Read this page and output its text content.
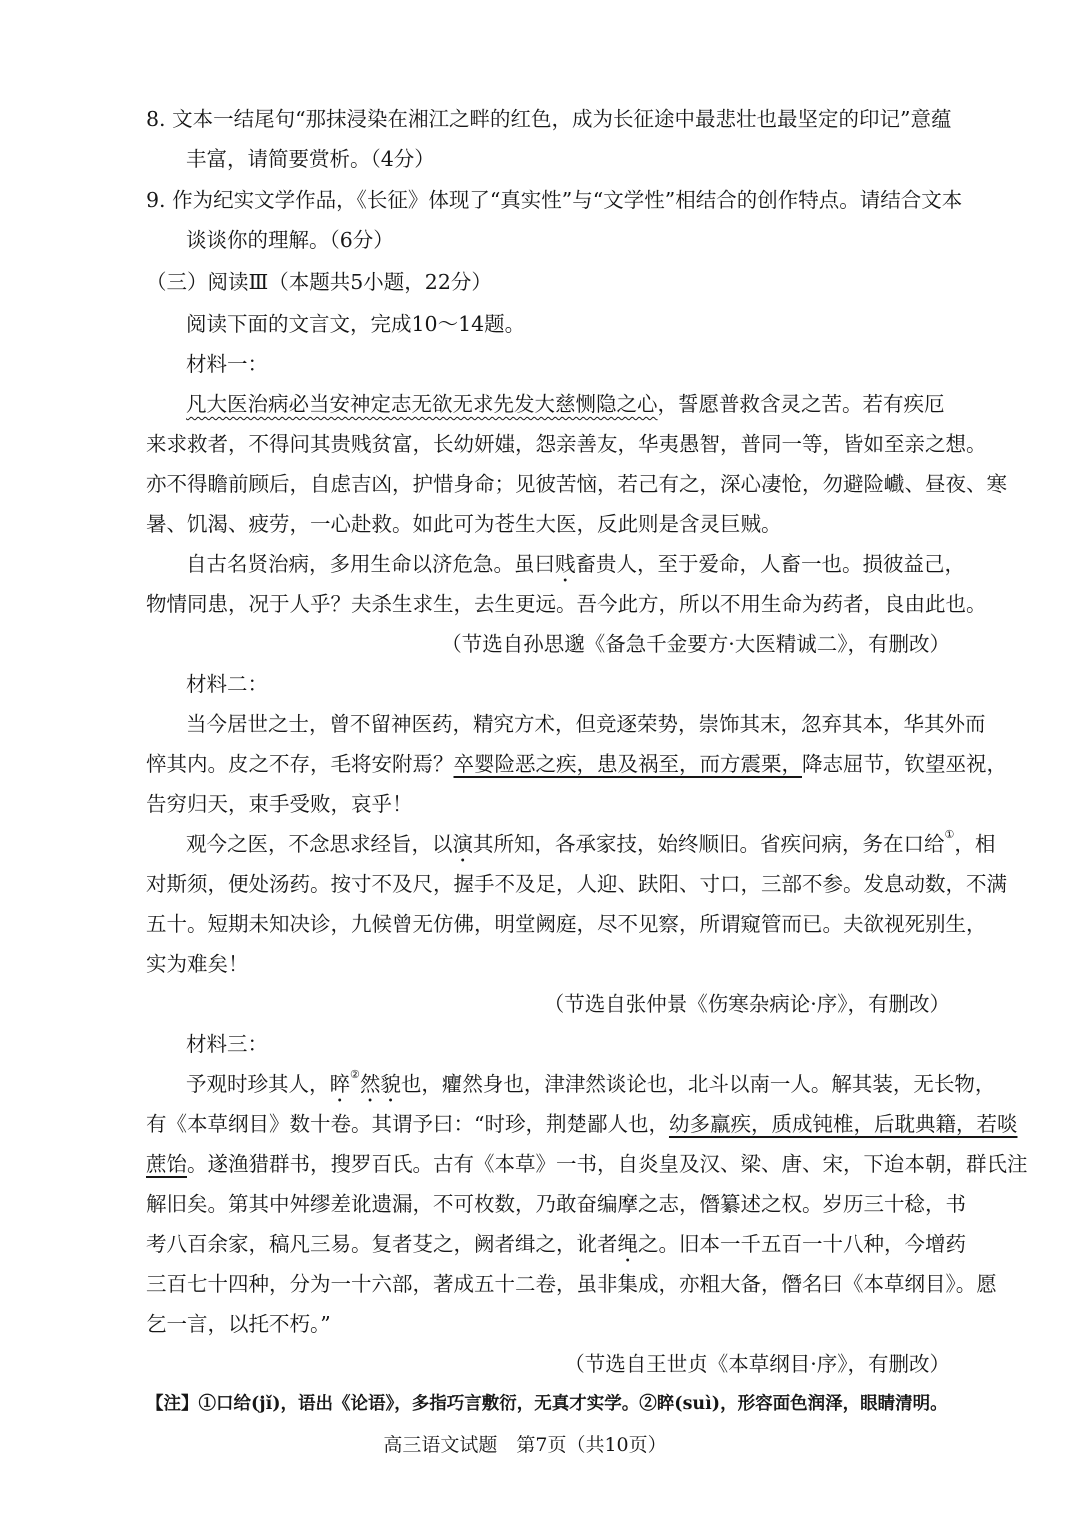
8. 文本一结尾句“那抹浸染在湘江之畔的红色，成为长征途中最悲壮也最坚定的印记”意蕴
丰富，请简要赏析。（4分）
9. 作为纪实文学作品，《长征》体现了“真实性”与“文学性”相结合的创作特点。请结合文本
谈谈你的理解。（6分）
（三）阅读Ⅲ（本题共5小题，22分）
阅读下面的文言文，完成10～14题。
材料一：
凡大医治病必当安神定志无欲无求先发大慈恻隐之心，誓愿普救含灵之苦。若有疾厄
来求救者，不得问其贵贱贫富，长幼妍媸，怨亲善友，华夷愚智，普同一等，皆如至亲之想。
亦不得瞻前顾后，自虑吉凶，护惜身命；见彼苦恼，若己有之，深心凄怆，勿避险巇、昼夜、寒
暑、饥渴、疲劳，一心赴救。如此可为苍生大医，反此则是含灵巨贼。
自古名贤治病，多用生命以济危急。虽曰贱畜贵人，至于爱命，人畜一也。损彼益己，
物情同患，况于人乎？夫杀生求生，去生更远。吾今此方，所以不用生命为药者，良由此也。
（节选自孙思邈《备急千金要方·大医精诚二》，有删改）
材料二：
当今居世之士，曾不留神医药，精究方术，但竞逐荣势，崇饰其末，忽弃其本，华其外而
悴其内。皮之不存，毛将安附焉？卒婴险恶之疾，患及祸至，而方震栗，降志屈节，钦望巫祝，
告穷归天，束手受败，哀乎！
观今之医，不念思求经旨，以演其所知，各承家技，始终顺旧。省疾问病，务在口给①，相
对斯须，便处汤药。按寸不及尺，握手不及足，人迎、趺阳、寸口，三部不参。发息动数，不满
五十。短期未知决诊，九候曾无仿佛，明堂阙庭，尽不见察，所谓窥管而已。夫欲视死别生，
实为难矣！
（节选自张仲景《伤寒杂病论·序》，有删改）
材料三：
予观时珍其人，睟②然貌也，癯然身也，津津然谈论也，北斗以南一人。解其装，无长物，
有《本草纲目》数十卷。其谓予曰：“时珍，荆楚鄙人也，幼多羸疾，质成钝椎，后耽典籍，若啖
蔗饴。遂渔猎群书，搜罗百氏。古有《本草》一书，自炎皇及汉、梁、唐、宋，下迨本朝，群氏注
解旧矣。第其中舛缪差讹遗漏，不可枚数，乃敢奋编摩之志，僭纂述之权。岁历三十稔，书
考八百余家，稿凡三易。复者芟之，阙者缉之，讹者绳之。旧本一千五百一十八种，今增药
三百七十四种，分为一十六部，著成五十二卷，虽非集成，亦粗大备，僭名曰《本草纲目》。愿
乞一言，以托不朽。”
（节选自王世贞《本草纲目·序》，有删改）
【注】①口给(jǐ)，语出《论语》，多指巧言敷衍，无真才实学。②睟(suì)，形容面色润泽，眼睛清明。
高三语文试题　第7页（共10页）
